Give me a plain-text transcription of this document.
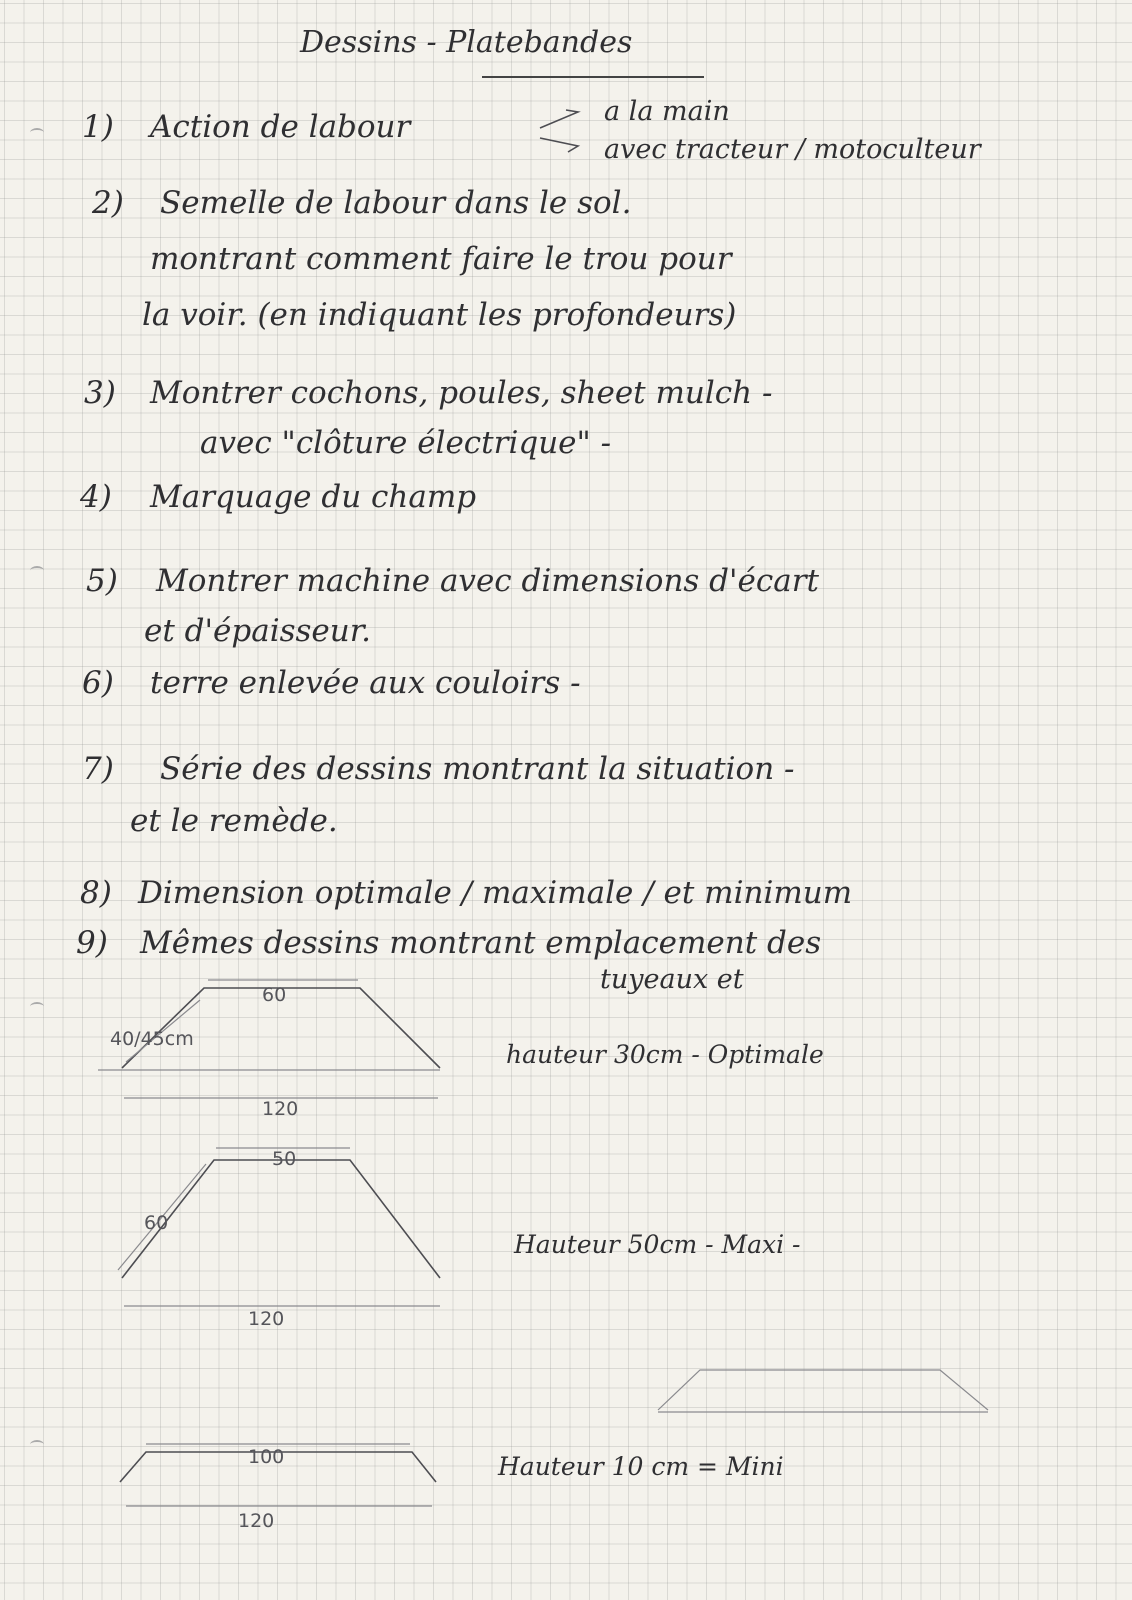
Dessins - Platebandes
1) Action de labour	a la main
avec tracteur / motoculteur
2) Semelle de labour dans le sol.
montrant comment faire le trou pour
la voir. (en indiquant les profondeurs)
3) Montrer cochons, poules, sheet mulch -
avec "clôture électrique" -
4) Marquage du champ
5) Montrer machine avec dimensions d'écart
et d'épaisseur.
6) terre enlevée aux couloirs -
7) Série des dessins montrant la situation -
et le remède.
8) Dimension optimale / maximale / et minimum
9) Mêmes dessins montrant emplacement des
tuyeaux et
60
40/45cm
120
hauteur 30cm - Optimale
50
60
120
Hauteur 50cm - Maxi -
100
120
Hauteur 10 cm = Mini
